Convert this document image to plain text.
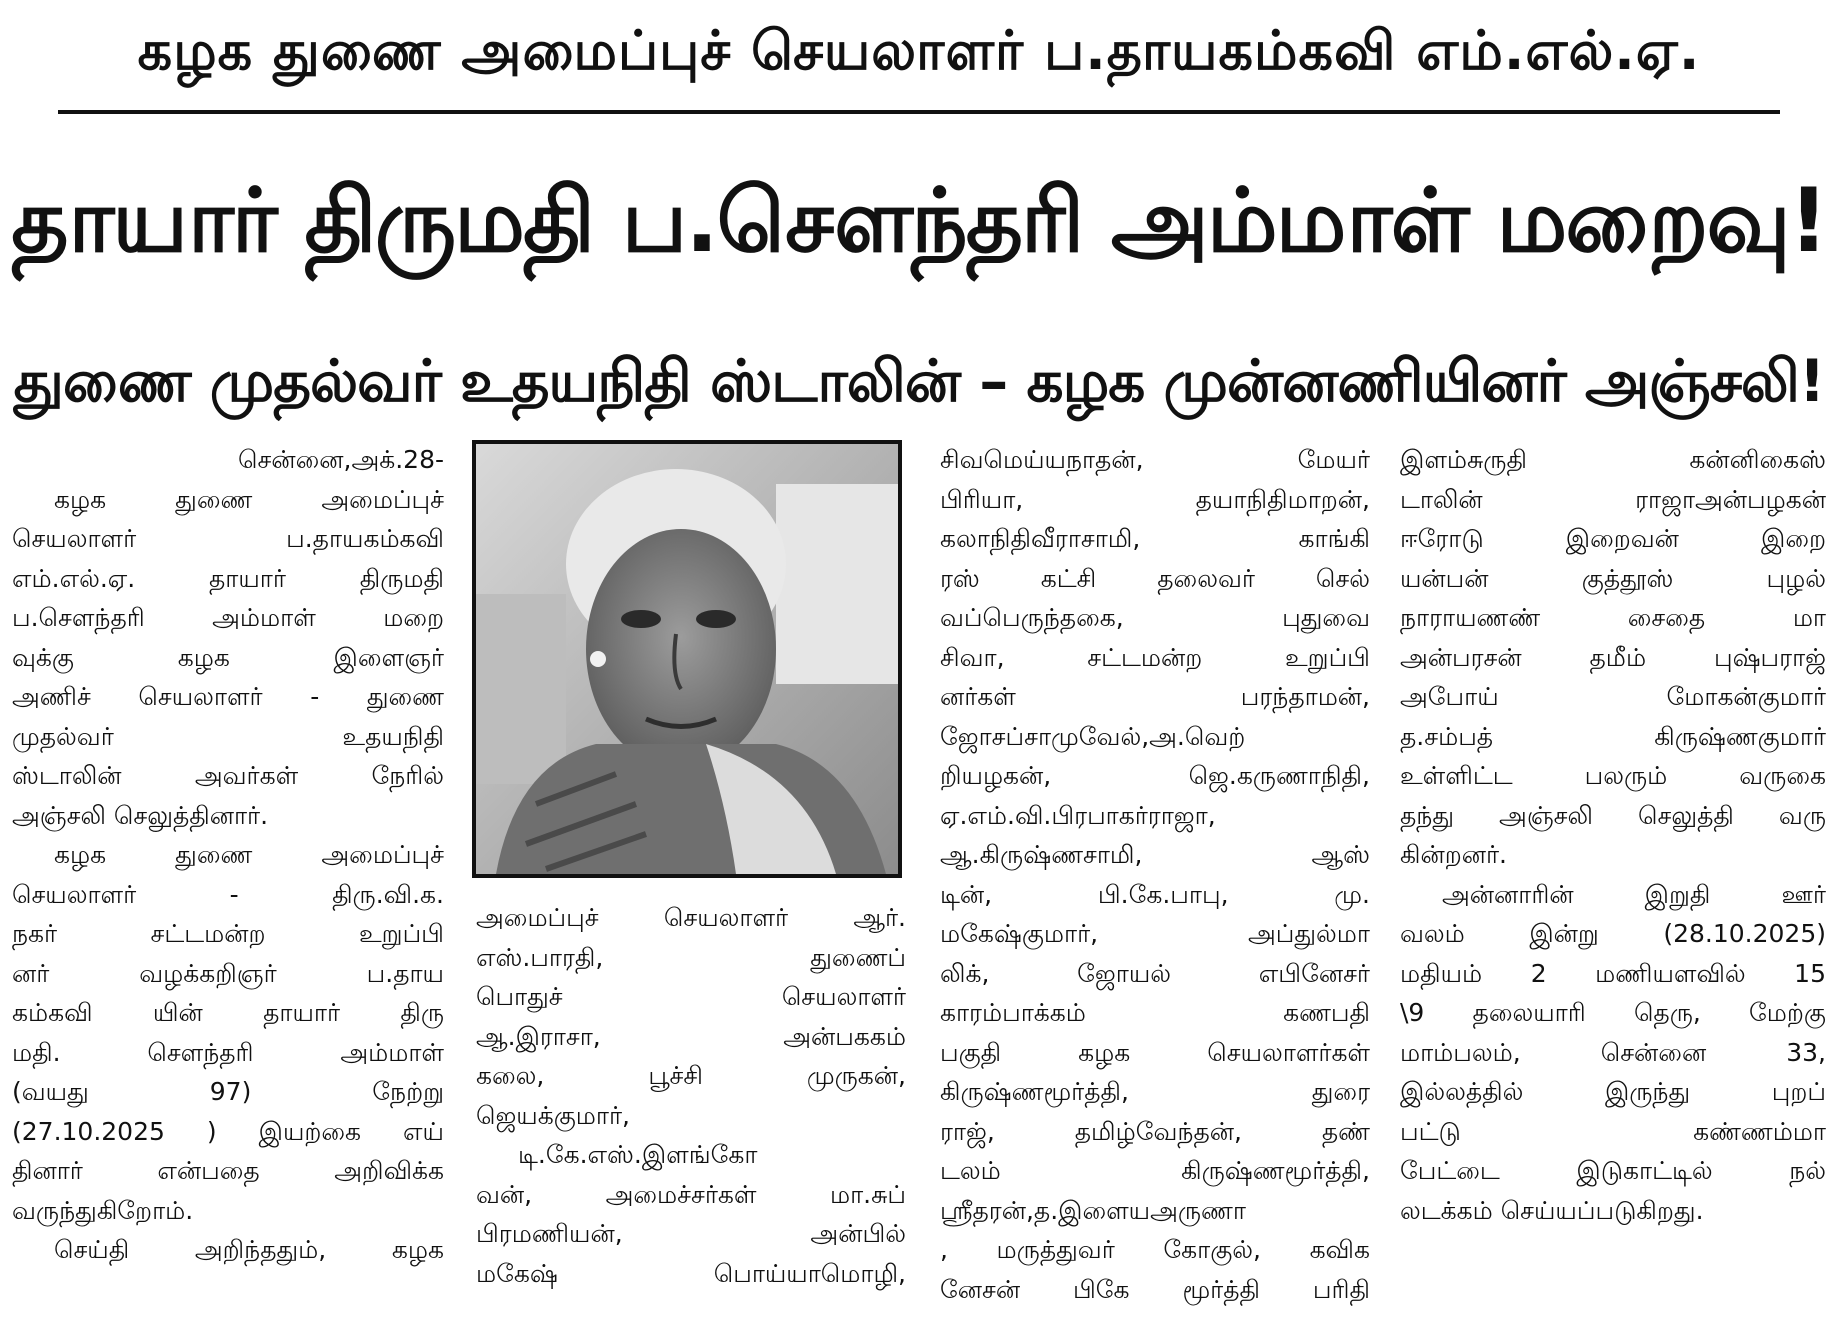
கழக துணை அமைப்புச் செயலாளர் ப.தாயகம்கவி எம்.எல்.ஏ.
தாயார் திருமதி ப.சௌந்தரி அம்மாள் மறைவு!
துணை முதல்வர் உதயநிதி ஸ்டாலின் – கழக முன்னணியினர் அஞ்சலி!
சென்னை,அக்.28-
கழக துணை அமைப்புச்
செயலாளர் ப.தாயகம்கவி
எம்.எல்.ஏ. தாயார் திருமதி
ப.சௌந்தரி அம்மாள் மறை
வுக்கு கழக இளைஞர்
அணிச் செயலாளர் - துணை
முதல்வர் உதயநிதி
ஸ்டாலின் அவர்கள் நேரில்
அஞ்சலி செலுத்தினார்.
கழக துணை அமைப்புச்
செயலாளர் - திரு.வி.க.
நகர் சட்டமன்ற உறுப்பி
னர் வழக்கறிஞர் ப.தாய
கம்கவி யின் தாயார் திரு
மதி. சௌந்தரி அம்மாள்
(வயது 97) நேற்று
(27.10.2025 ) இயற்கை எய்
தினார் என்பதை அறிவிக்க
வருந்துகிறோம்.
செய்தி அறிந்ததும், கழக
அமைப்புச் செயலாளர் ஆர்.
எஸ்.பாரதி, துணைப்
பொதுச் செயலாளர்
ஆ.இராசா, அன்பககம்
கலை, பூச்சி முருகன்,
ஜெயக்குமார்,
டி.கே.எஸ்.இளங்கோ
வன், அமைச்சர்கள் மா.சுப்
பிரமணியன், அன்பில்
மகேஷ் பொய்யாமொழி,
சிவமெய்யநாதன், மேயர்
பிரியா, தயாநிதிமாறன்,
கலாநிதிவீராசாமி, காங்கி
ரஸ் கட்சி தலைவர் செல்
வப்பெருந்தகை, புதுவை
சிவா, சட்டமன்ற உறுப்பி
னர்கள் பரந்தாமன்,
ஜோசப்சாமுவேல்,அ.வெற்
றியழகன், ஜெ.கருணாநிதி,
ஏ.எம்.வி.பிரபாகர்ராஜா,
ஆ.கிருஷ்ணசாமி, ஆஸ்
டின், பி.கே.பாபு, மு.
மகேஷ்குமார், அப்துல்மா
லிக், ஜோயல் எபினேசர்
காரம்பாக்கம் கணபதி
பகுதி கழக செயலாளர்கள்
கிருஷ்ணமூர்த்தி, துரை
ராஜ், தமிழ்வேந்தன், தண்
டலம் கிருஷ்ணமூர்த்தி,
ஸ்ரீதரன்,த.இளையஅருணா
, மருத்துவர் கோகுல், கவிக
னேசன் பிகே மூர்த்தி பரிதி
இளம்சுருதி கன்னிகைஸ்
டாலின் ராஜாஅன்பழகன்
ஈரோடு இறைவன் இறை
யன்பன் குத்தூஸ் புழல்
நாராயணண் சைதை மா
அன்பரசன் தமீம் புஷ்பராஜ்
அபோய் மோகன்குமார்
த.சம்பத் கிருஷ்ணகுமார்
உள்ளிட்ட பலரும் வருகை
தந்து அஞ்சலி செலுத்தி வரு
கின்றனர்.
அன்னாரின் இறுதி ஊர்
வலம் இன்று (28.10.2025)
மதியம் 2 மணியளவில் 15
\9 தலையாரி தெரு, மேற்கு
மாம்பலம், சென்னை 33,
இல்லத்தில் இருந்து புறப்
பட்டு கண்ணம்மா
பேட்டை இடுகாட்டில் நல்
லடக்கம் செய்யப்படுகிறது.
